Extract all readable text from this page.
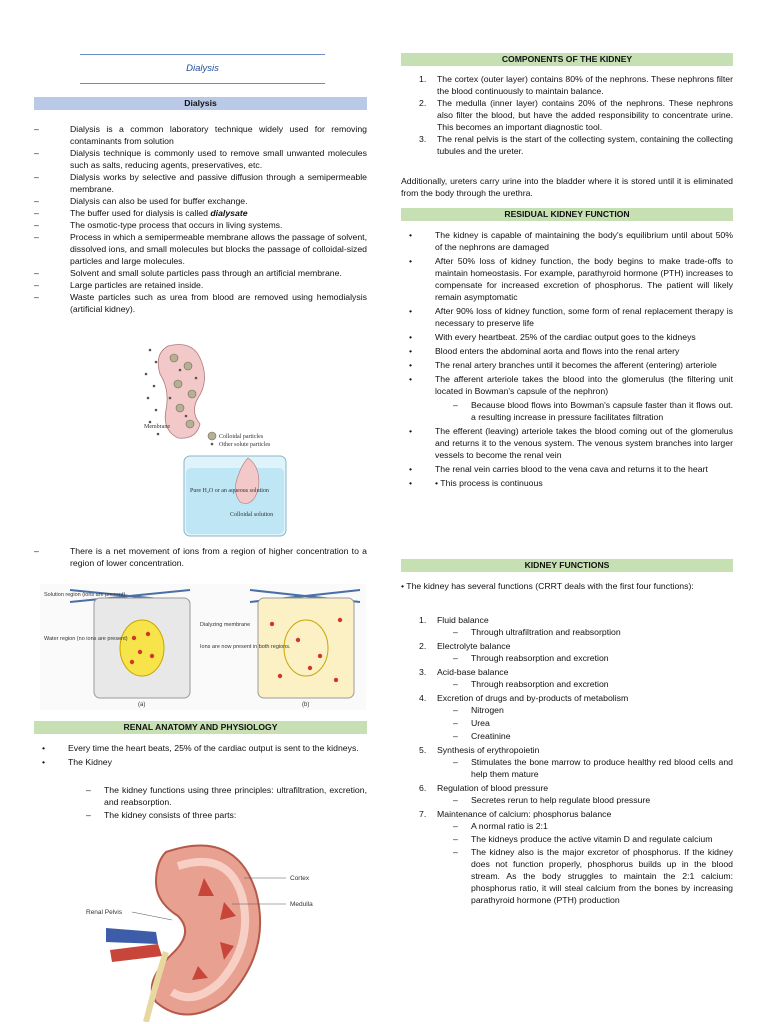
Dialysis
Dialysis
– Dialysis is a common laboratory technique widely used for removing contaminants from solution
– Dialysis technique is commonly used to remove small unwanted molecules such as salts, reducing agents, preservatives, etc.
– Dialysis works by selective and passive diffusion through a semipermeable membrane.
– Dialysis can also be used for buffer exchange.
– The buffer used for dialysis is called dialysate
– The osmotic-type process that occurs in living systems.
– Process in which a semipermeable membrane allows the passage of solvent, dissolved ions, and small molecules but blocks the passage of colloidal-sized particles and large molecules.
– Solvent and small solute particles pass through an artificial membrane.
– Large particles are retained inside.
– Waste particles such as urea from blood are removed using hemodialysis (artificial kidney).
Membrane
Colloidal particles
Other solute particles
Pure H₂O or an aqueous solution
Colloidal solution
– There is a net movement of ions from a region of higher concentration to a region of lower concentration.
Solution region (ions are present)
Water region (no ions are present)
Dialyzing membrane
(a)
Ions are now present in both regions.
(b)
RENAL ANATOMY AND PHYSIOLOGY
• Every time the heart beats, 25% of the cardiac output is sent to the kidneys.
• The Kidney
– The kidney functions using three principles: ultrafiltration, excretion, and reabsorption.
– The kidney consists of three parts:
Cortex
Medulla
Renal Pelvis
COMPONENTS OF THE KIDNEY
1. The cortex (outer layer) contains 80% of the nephrons. These nephrons filter the blood continuously to maintain balance.
2. The medulla (inner layer) contains 20% of the nephrons. These nephrons also filter the blood, but have the added responsibility to concentrate urine. This becomes an important diagnostic tool.
3. The renal pelvis is the start of the collecting system, containing the collecting tubules and the ureter.

Additionally, ureters carry urine into the bladder where it is stored until it is eliminated from the body through the urethra.

RESIDUAL KIDNEY FUNCTION
• The kidney is capable of maintaining the body's equilibrium until about 50% of the nephrons are damaged
• After 50% loss of kidney function, the body begins to make trade-offs to maintain homeostasis. For example, parathyroid hormone (PTH) increases to compensate for increased excretion of phosphorus. The patient will likely remain asymptomatic
• After 90% loss of kidney function, some form of renal replacement therapy is necessary to preserve life
• With every heartbeat. 25% of the cardiac output goes to the kidneys
• Blood enters the abdominal aorta and flows into the renal artery
• The renal artery branches until it becomes the afferent (entering) arteriole
• The afferent arteriole takes the blood into the glomerulus (the filtering unit located in Bowman's capsule of the nephron)
– Because blood flows into Bowman's capsule faster than it flows out. a resulting increase in pressure facilitates filtration
• The efferent (leaving) arteriole takes the blood coming out of the glomerulus and returns it to the venous system. The venous system branches into larger vessels to become the renal vein
• The renal vein carries blood to the vena cava and returns it to the heart
• • This process is continuous
KIDNEY FUNCTIONS

• The kidney has several functions (CRRT deals with the first four functions):

1. Fluid balance
– Through ultrafiltration and reabsorption
2. Electrolyte balance
– Through reabsorption and excretion
3. Acid-base balance
– Through reabsorption and excretion
4. Excretion of drugs and by-products of metabolism
– Nitrogen
– Urea
– Creatinine
5. Synthesis of erythropoietin
– Stimulates the bone marrow to produce healthy red blood cells and help them mature
6. Regulation of blood pressure
– Secretes rerun to help regulate blood pressure
7. Maintenance of calcium: phosphorus balance
– A normal ratio is 2:1
– The kidneys produce the active vitamin D and regulate calcium
– The kidney also is the major excretor of phosphorus. If the kidney does not function properly, phosphorus builds up in the blood stream. As the body struggles to maintain the 2:1 calcium: phosphorus ratio, it will steal calcium from the bones by increasing parathyroid hormone (PTH) production
